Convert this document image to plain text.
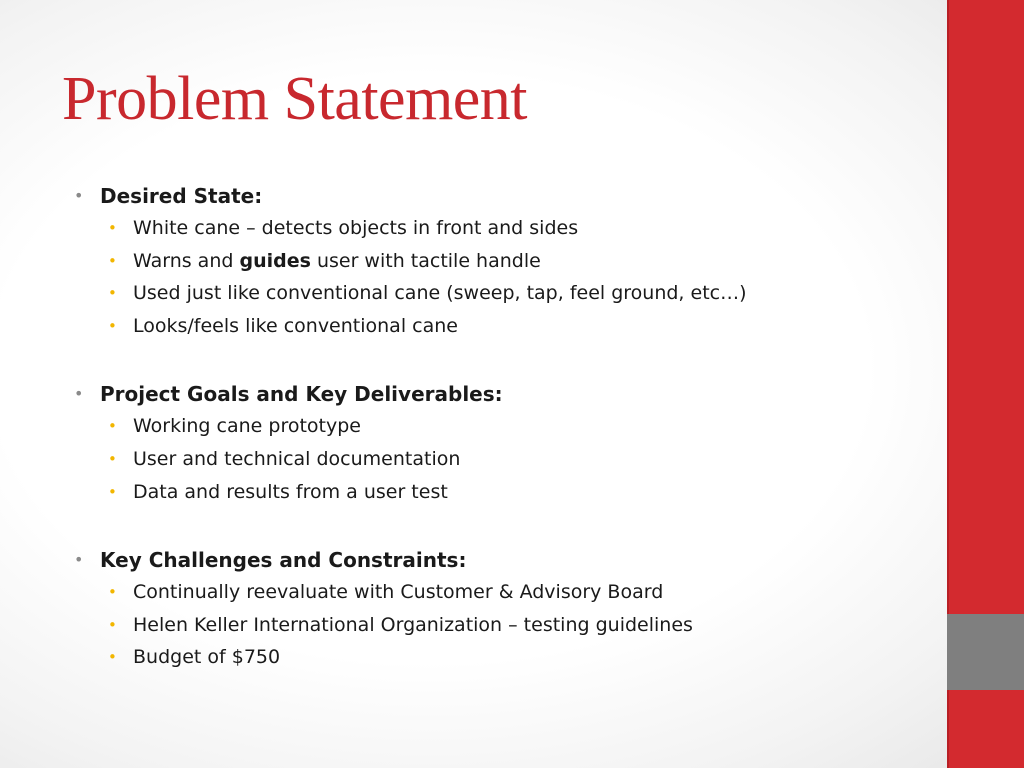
Problem Statement
• Desired State:
• White cane – detects objects in front and sides
• Warns and guides user with tactile handle
• Used just like conventional cane (sweep, tap, feel ground, etc…)
• Looks/feels like conventional cane
• Project Goals and Key Deliverables:
• Working cane prototype
• User and technical documentation
• Data and results from a user test
• Key Challenges and Constraints:
• Continually reevaluate with Customer & Advisory Board
• Helen Keller International Organization – testing guidelines
• Budget of $750
